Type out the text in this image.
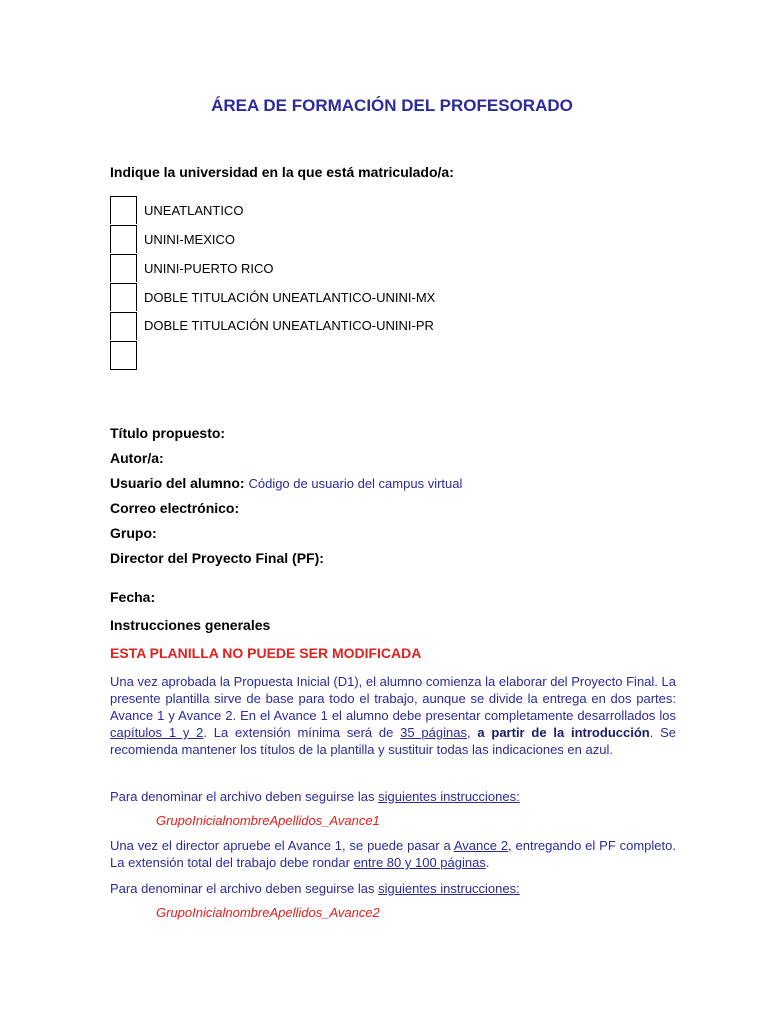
ÁREA DE FORMACIÓN DEL PROFESORADO
Indique la universidad en la que está matriculado/a:
UNEATLANTICO
UNINI-MEXICO
UNINI-PUERTO RICO
DOBLE TITULACIÓN UNEATLANTICO-UNINI-MX
DOBLE TITULACIÓN UNEATLANTICO-UNINI-PR
Título propuesto:
Autor/a:
Usuario del alumno: Código de usuario del campus virtual
Correo electrónico:
Grupo:
Director del Proyecto Final (PF):
Fecha:
Instrucciones generales
ESTA PLANILLA NO PUEDE SER MODIFICADA
Una vez aprobada la Propuesta Inicial (D1), el alumno comienza la elaborar del Proyecto Final. La presente plantilla sirve de base para todo el trabajo, aunque se divide la entrega en dos partes: Avance 1 y Avance 2. En el Avance 1 el alumno debe presentar completamente desarrollados los capítulos 1 y 2. La extensión mínima será de 35 páginas, a partir de la introducción. Se recomienda mantener los títulos de la plantilla y sustituir todas las indicaciones en azul.
Para denominar el archivo deben seguirse las siguientes instrucciones:
GrupoInicialnombreApellidos_Avance1
Una vez el director apruebe el Avance 1, se puede pasar a Avance 2, entregando el PF completo. La extensión total del trabajo debe rondar entre 80 y 100 páginas.
Para denominar el archivo deben seguirse las siguientes instrucciones:
GrupoInicialnombreApellidos_Avance2
